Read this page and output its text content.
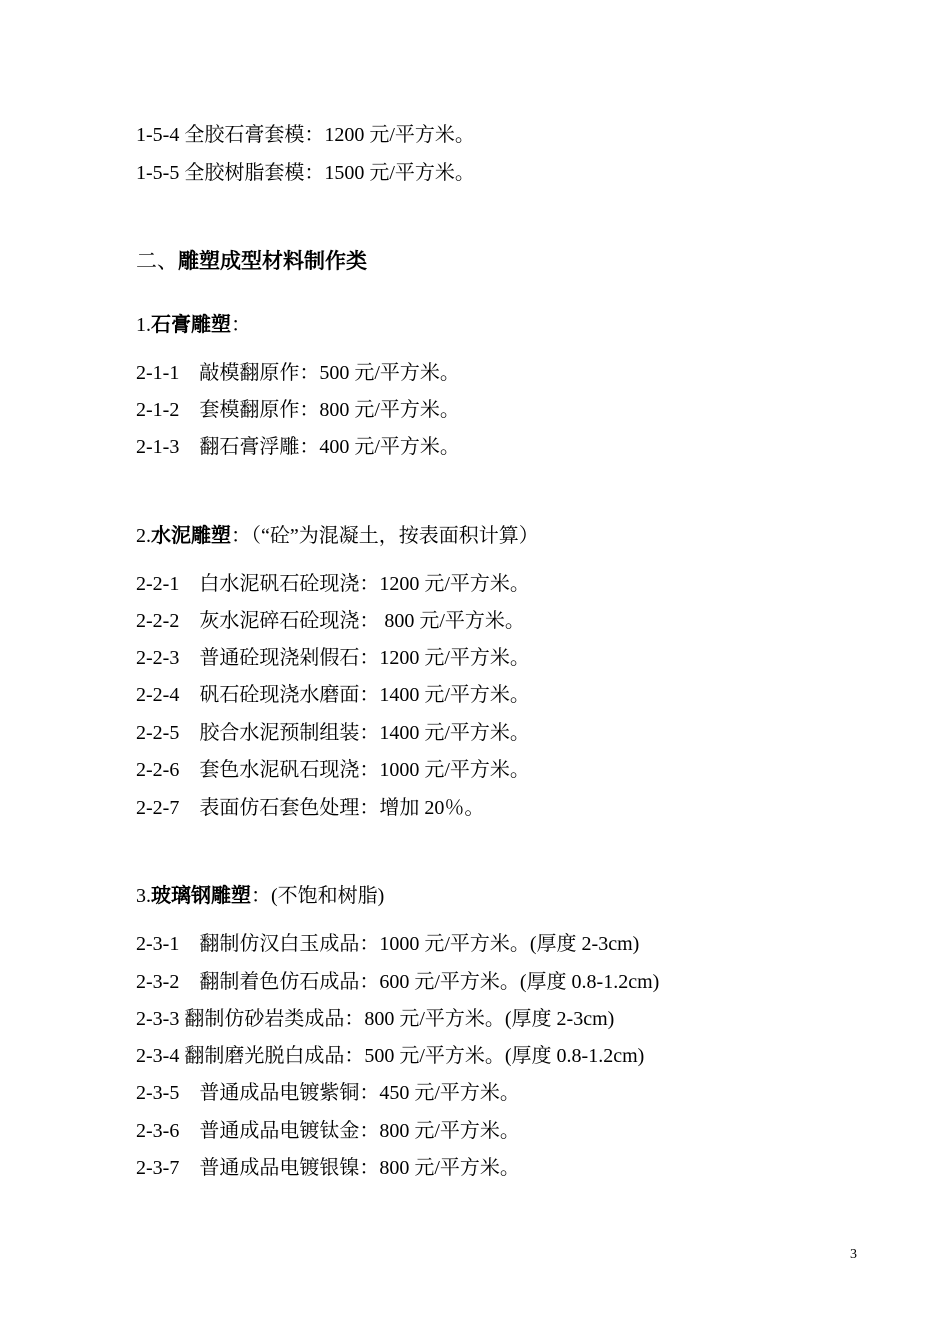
1-5-4 全胶石膏套模：1200 元/平方米。

1-5-5 全胶树脂套模：1500 元/平方米。

二、雕塑成型材料制作类

1.石膏雕塑：

2-1-1    敲模翻原作：500 元/平方米。

2-1-2    套模翻原作：800 元/平方米。

2-1-3    翻石膏浮雕：400 元/平方米。

2.水泥雕塑：（“砼”为混凝土，按表面积计算）

2-2-1    白水泥矾石砼现浇：1200 元/平方米。

2-2-2    灰水泥碎石砼现浇： 800 元/平方米。

2-2-3    普通砼现浇剁假石：1200 元/平方米。

2-2-4    矾石砼现浇水磨面：1400 元/平方米。

2-2-5    胶合水泥预制组装：1400 元/平方米。

2-2-6    套色水泥矾石现浇：1000 元/平方米。

2-2-7    表面仿石套色处理：增加 20％。

3.玻璃钢雕塑：(不饱和树脂)

2-3-1    翻制仿汉白玉成品：1000 元/平方米。(厚度 2-3cm)

2-3-2    翻制着色仿石成品：600 元/平方米。(厚度 0.8-1.2cm)

2-3-3 翻制仿砂岩类成品：800 元/平方米。(厚度 2-3cm)

2-3-4 翻制磨光脱白成品：500 元/平方米。(厚度 0.8-1.2cm)

2-3-5    普通成品电镀紫铜：450 元/平方米。

2-3-6    普通成品电镀钛金：800 元/平方米。

2-3-7    普通成品电镀银镍：800 元/平方米。

3
